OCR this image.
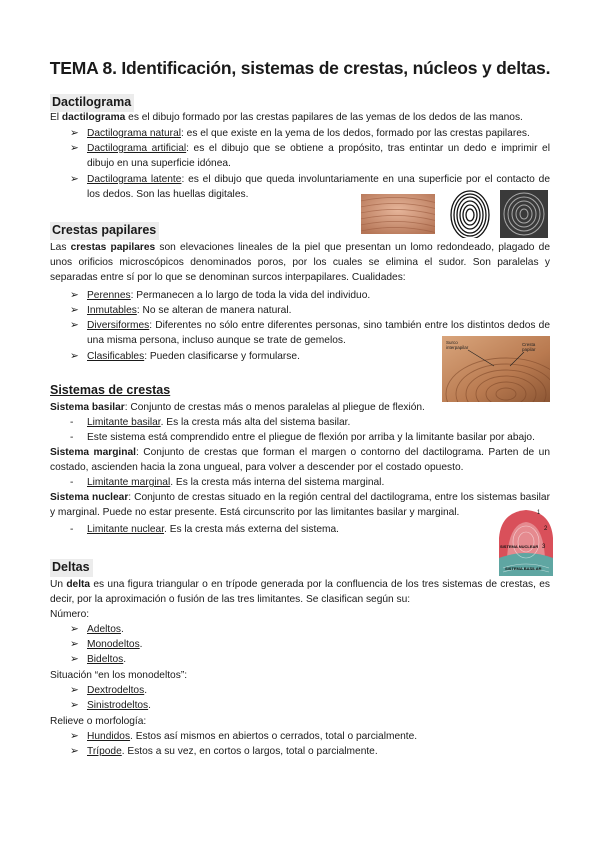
TEMA 8. Identificación, sistemas de crestas, núcleos y deltas.
Dactilograma

El dactilograma es el dibujo formado por las crestas papilares de las yemas de los dedos de las manos.

➢ Dactilograma natural: es el que existe en la yema de los dedos, formado por las crestas papilares.

➢ Dactilograma artificial: es el dibujo que se obtiene a propósito, tras entintar un dedo e imprimir el dibujo en una superficie idónea.

➢ Dactilograma latente: es el dibujo que queda involuntariamente en una superficie por el contacto de los dedos. Son las huellas digitales.

Crestas papilares

Las crestas papilares son elevaciones lineales de la piel que presentan un lomo redondeado, plagado de unos orificios microscópicos denominados poros, por los cuales se elimina el sudor. Son paralelas y separadas entre sí por lo que se denominan surcos interpapilares. Cualidades:

➢ Perennes: Permanecen a lo largo de toda la vida del individuo.

➢ Inmutables: No se alteran de manera natural.

➢ Diversiformes: Diferentes no sólo entre diferentes personas, sino también entre los distintos dedos de una misma persona, incluso aunque se trate de gemelos.

➢ Clasificables: Pueden clasificarse y formularse.

Surco interpapilar
Cresta papilar
Sistemas de crestas

Sistema basilar: Conjunto de crestas más o menos paralelas al pliegue de flexión.

- Limitante basilar. Es la cresta más alta del sistema basilar.

- Este sistema está comprendido entre el pliegue de flexión por arriba y la limitante basilar por abajo.

Sistema marginal: Conjunto de crestas que forman el margen o contorno del dactilograma. Parten de un costado, ascienden hacia la zona ungueal, para volver a descender por el costado opuesto.

- Limitante marginal. Es la cresta más interna del sistema marginal.

Sistema nuclear: Conjunto de crestas situado en la región central del dactilograma, entre los sistemas basilar y marginal. Puede no estar presente. Está circunscrito por las limitantes basilar y marginal.

- Limitante nuclear. Es la cresta más externa del sistema.

1
2
3
SISTEMA NUCLEAR
SISTEMA BASILAR
Deltas

Un delta es una figura triangular o en trípode generada por la confluencia de los tres sistemas de crestas, es decir, por la aproximación o fusión de las tres limitantes. Se clasifican según su:

Número:

➢ Adeltos.

➢ Monodeltos.

➢ Bideltos.

Situación “en los monodeltos”:

➢ Dextrodeltos.

➢ Sinistrodeltos.

Relieve o morfología:

➢ Hundidos. Estos así mismos en abiertos o cerrados, total o parcialmente.

➢ Trípode. Estos a su vez, en cortos o largos, total o parcialmente.
